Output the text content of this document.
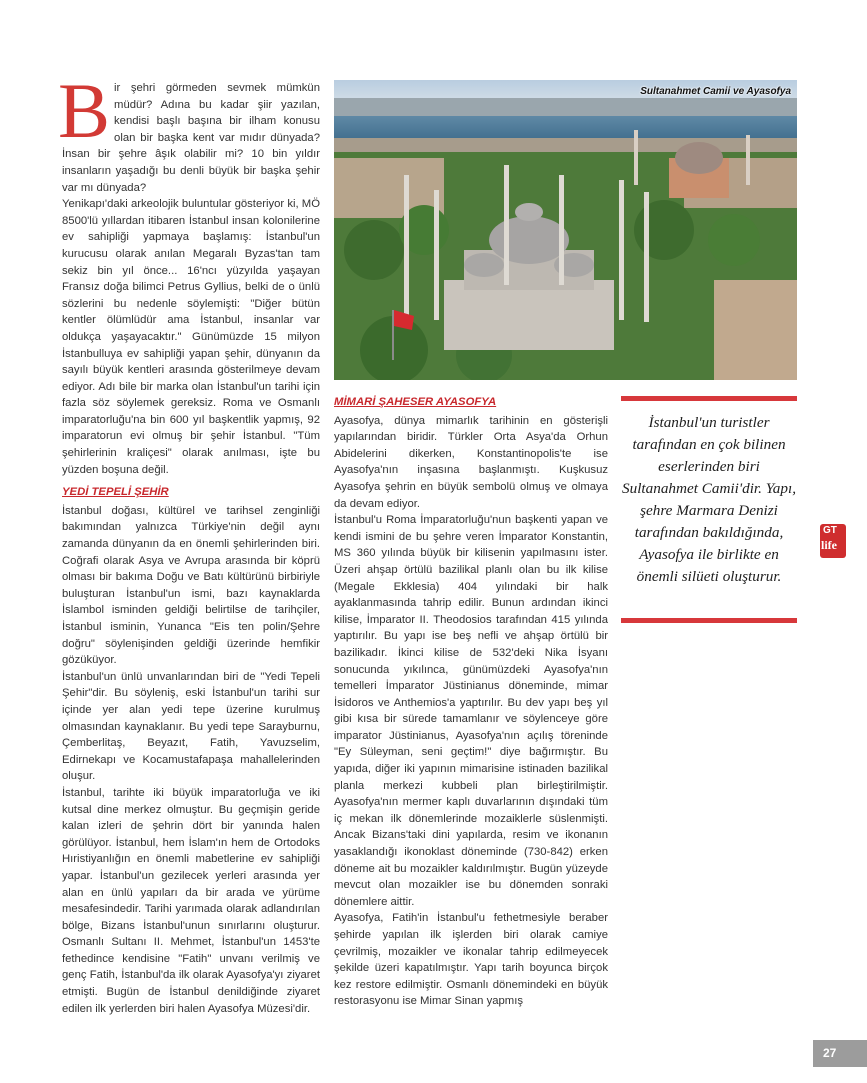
B ir şehri görmeden sevmek mümkün müdür? Adına bu kadar şiir yazılan, kendisi başlı başına bir ilham konusu olan bir başka kent var mıdır dünyada? İnsan bir şehre âşık olabilir mi? 10 bin yıldır insanların yaşadığı bu denli büyük bir başka şehir var mı dünyada?

Yenikapı'daki arkeolojik buluntular gösteriyor ki, MÖ 8500'lü yıllardan itibaren İstanbul insan kolonilerine ev sahipliği yapmaya başlamış: İstanbul'un kurucusu olarak anılan Megaralı Byzas'tan tam sekiz bin yıl önce... 16'ncı yüzyılda yaşayan Fransız doğa bilimci Petrus Gyllius, belki de o ünlü sözlerini bu nedenle söylemişti: "Diğer bütün kentler ölümlüdür ama İstanbul, insanlar var oldukça yaşayacaktır." Günümüzde 15 milyon İstanbulluya ev sahipliği yapan şehir, dünyanın da sayılı büyük kentleri arasında gösterilmeye devam ediyor. Adı bile bir marka olan İstanbul'un tarihi için fazla söz söylemek gereksiz. Roma ve Osmanlı imparatorluğu'na bin 600 yıl başkentlik yapmış, 92 imparatorun evi olmuş bir şehir İstanbul. "Tüm şehirlerinin kraliçesi" olarak anılması, işte bu yüzden boşuna değil.

YEDİ TEPELİ ŞEHİR

İstanbul doğası, kültürel ve tarihsel zenginliği bakımından yalnızca Türkiye'nin değil aynı zamanda dünyanın da en önemli şehirlerinden biri. Coğrafi olarak Asya ve Avrupa arasında bir köprü olması bir bakıma Doğu ve Batı kültürünü birbiriyle buluşturan İstanbul'un ismi, bazı kaynaklarda İslambol isminden geldiği belirtilse de tarihçiler, İstanbul isminin, Yunanca "Eis ten polin/Şehre doğru" söylenişinden geldiği üzerinde hemfikir gözüküyor.

İstanbul'un ünlü unvanlarından biri de "Yedi Tepeli Şehir"dir. Bu söyleniş, eski İstanbul'un tarihi sur içinde yer alan yedi tepe üzerine kurulmuş olmasından kaynaklanır. Bu yedi tepe Sarayburnu, Çemberlitaş, Beyazıt, Fatih, Yavuzselim, Edirnekapı ve Kocamustafapaşa mahallelerinden oluşur.

İstanbul, tarihte iki büyük imparatorluğa ve iki kutsal dine merkez olmuştur. Bu geçmişin geride kalan izleri de şehrin dört bir yanında halen görülüyor. İstanbul, hem İslam'ın hem de Ortodoks Hıristiyanlığın en önemli mabetlerine ev sahipliği yapar. İstanbul'un gezilecek yerleri arasında yer alan en ünlü yapıları da bir arada ve yürüme mesafesindedir. Tarihi yarımada olarak adlandırılan bölge, Bizans İstanbul'unun sınırlarını oluşturur. Osmanlı Sultanı II. Mehmet, İstanbul'un 1453'te fethedince kendisine "Fatih" unvanı verilmiş ve genç Fatih, İstanbul'da ilk olarak Ayasofya'yı ziyaret etmişti. Bugün de İstanbul denildiğinde ziyaret edilen ilk yerlerden biri halen Ayasofya Müzesi'dir.

Sultanahmet Camii ve Ayasofya

MİMARİ ŞAHESER AYASOFYA

Ayasofya, dünya mimarlık tarihinin en gösterişli yapılarından biridir. Türkler Orta Asya'da Orhun Abidelerini dikerken, Konstantinopolis'te ise Ayasofya'nın inşasına başlanmıştı. Kuşkusuz Ayasofya şehrin en büyük sembolü olmuş ve olmaya da devam ediyor.

İstanbul'u Roma İmparatorluğu'nun başkenti yapan ve kendi ismini de bu şehre veren İmparator Konstantin, MS 360 yılında büyük bir kilisenin yapılmasını ister. Üzeri ahşap örtülü bazilikal planlı olan bu ilk kilise (Megale Ekklesia) 404 yılındaki bir halk ayaklanmasında tahrip edilir. Bunun ardından ikinci kilise, İmparator II. Theodosios tarafından 415 yılında yaptırılır. Bu yapı ise beş nefli ve ahşap örtülü bir bazilikadır. İkinci kilise de 532'deki Nika İsyanı sonucunda yıkılınca, günümüzdeki Ayasofya'nın temelleri İmparator Jüstinianus döneminde, mimar İsidoros ve Anthemios'a yaptırılır. Bu dev yapı beş yıl gibi kısa bir sürede tamamlanır ve söylenceye göre imparator Jüstinianus, Ayasofya'nın açılış töreninde "Ey Süleyman, seni geçtim!" diye bağırmıştır. Bu yapıda, diğer iki yapının mimarisine istinaden bazilikal planla merkezi kubbeli plan birleştirilmiştir. Ayasofya'nın mermer kaplı duvarlarının dışındaki tüm iç mekan ilk dönemlerinde mozaiklerle süslenmişti. Ancak Bizans'taki dini yapılarda, resim ve ikonanın yasaklandığı ikonoklast döneminde (730-842) erken döneme ait bu mozaikler kaldırılmıştır. Bugün yüzeyde mevcut olan mozaikler ise bu dönemden sonraki dönemlere aittir.

Ayasofya, Fatih'in İstanbul'u fethetmesiyle beraber şehirde yapılan ilk işlerden biri olarak camiye çevrilmiş, mozaikler ve ikonalar tahrip edilmeyecek şekilde üzeri kapatılmıştır. Yapı tarih boyunca birçok kez restore edilmiştir. Osmanlı dönemindeki en büyük restorasyonu ise Mimar Sinan yapmış

İstanbul'un turistler tarafından en çok bilinen eserlerinden biri Sultanahmet Camii'dir. Yapı, şehre Marmara Denizi tarafından bakıldığında, Ayasofya ile birlikte en önemli silüeti oluşturur.
GT
life
27
